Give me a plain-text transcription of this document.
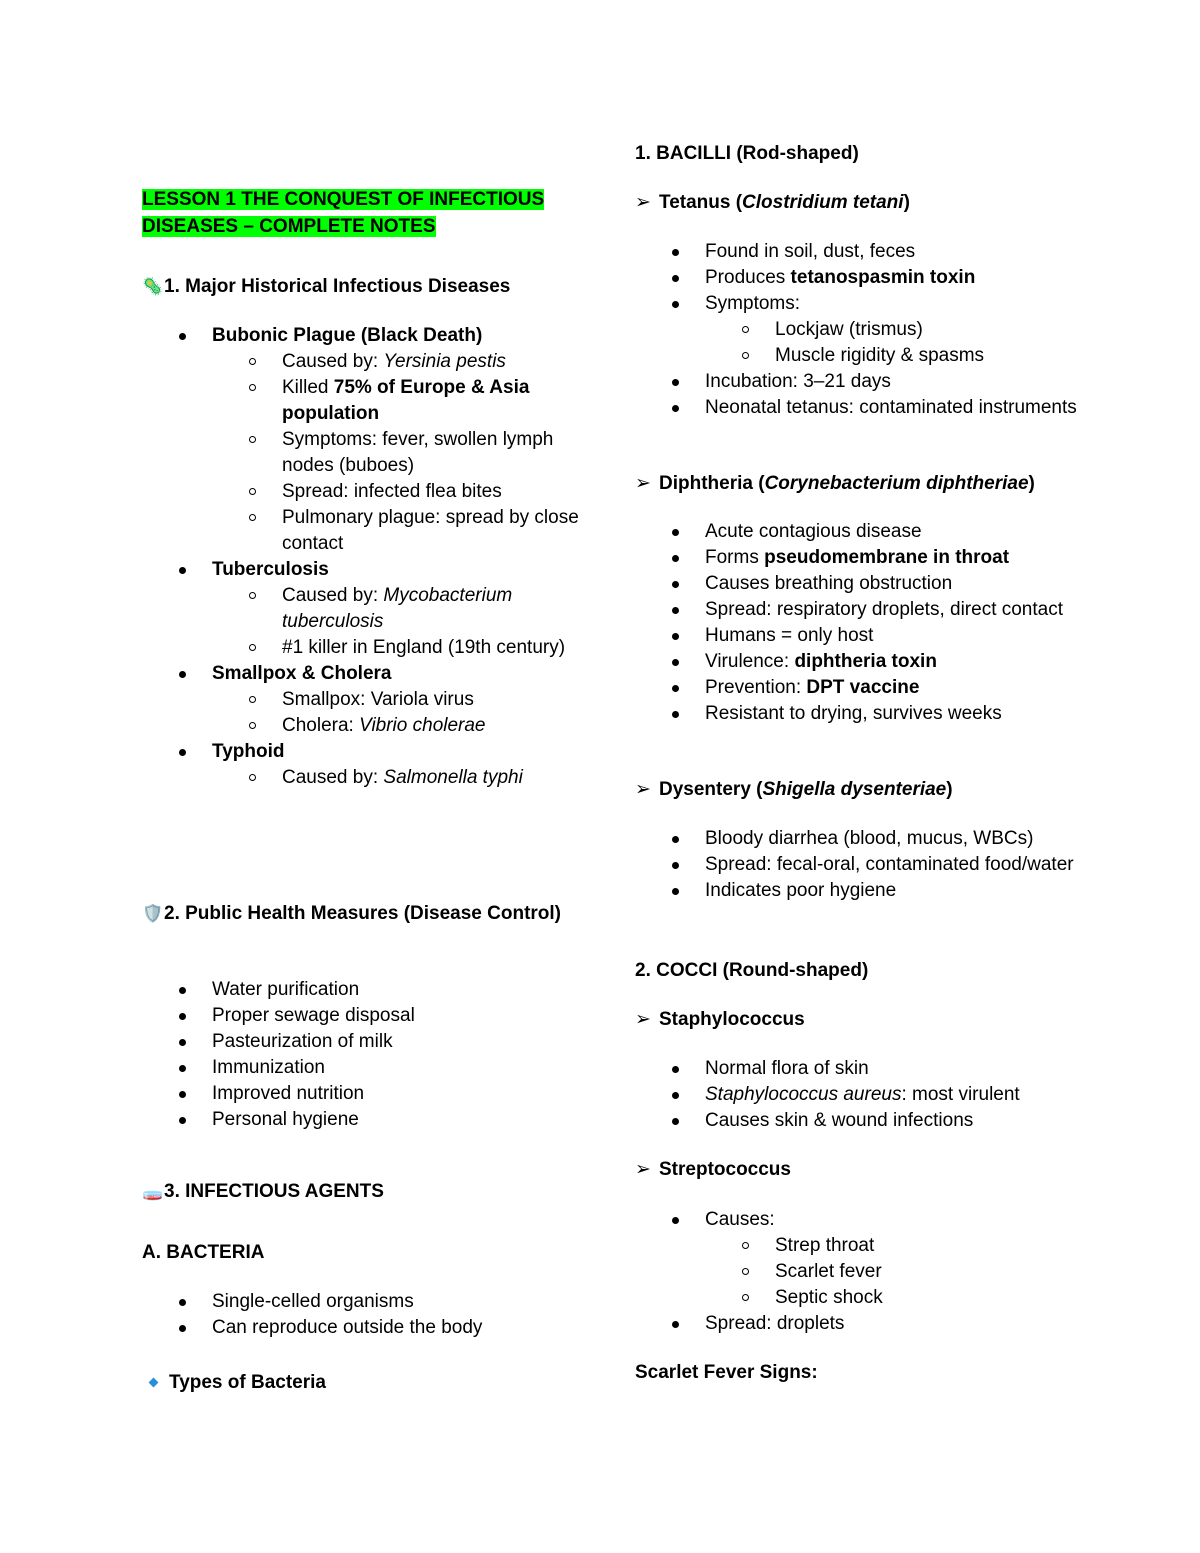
LESSON 1 THE CONQUEST OF INFECTIOUS
DISEASES – COMPLETE NOTES
🦠1. Major Historical Infectious Diseases
Bubonic Plague (Black Death)
Caused by: Yersinia pestis
Killed 75% of Europe & Asia population
Symptoms: fever, swollen lymph nodes (buboes)
Spread: infected flea bites
Pulmonary plague: spread by close contact
Tuberculosis
Caused by: Mycobacterium tuberculosis
#1 killer in England (19th century)
Smallpox & Cholera
Smallpox: Variola virus
Cholera: Vibrio cholerae
Typhoid
Caused by: Salmonella typhi
🛡️2. Public Health Measures (Disease Control)
Water purification
Proper sewage disposal
Pasteurization of milk
Immunization
Improved nutrition
Personal hygiene
🧫3. INFECTIOUS AGENTS
A. BACTERIA
Single-celled organisms
Can reproduce outside the body
Types of Bacteria
1. BACILLI (Rod-shaped)
➢ Tetanus (Clostridium tetani)
Found in soil, dust, feces
Produces tetanospasmin toxin
Symptoms:
Lockjaw (trismus)
Muscle rigidity & spasms
Incubation: 3–21 days
Neonatal tetanus: contaminated instruments
➢ Diphtheria (Corynebacterium diphtheriae)
Acute contagious disease
Forms pseudomembrane in throat
Causes breathing obstruction
Spread: respiratory droplets, direct contact
Humans = only host
Virulence: diphtheria toxin
Prevention: DPT vaccine
Resistant to drying, survives weeks
➢ Dysentery (Shigella dysenteriae)
Bloody diarrhea (blood, mucus, WBCs)
Spread: fecal-oral, contaminated food/water
Indicates poor hygiene
2. COCCI (Round-shaped)
➢ Staphylococcus
Normal flora of skin
Staphylococcus aureus: most virulent
Causes skin & wound infections
➢ Streptococcus
Causes:
Strep throat
Scarlet fever
Septic shock
Spread: droplets
Scarlet Fever Signs:
